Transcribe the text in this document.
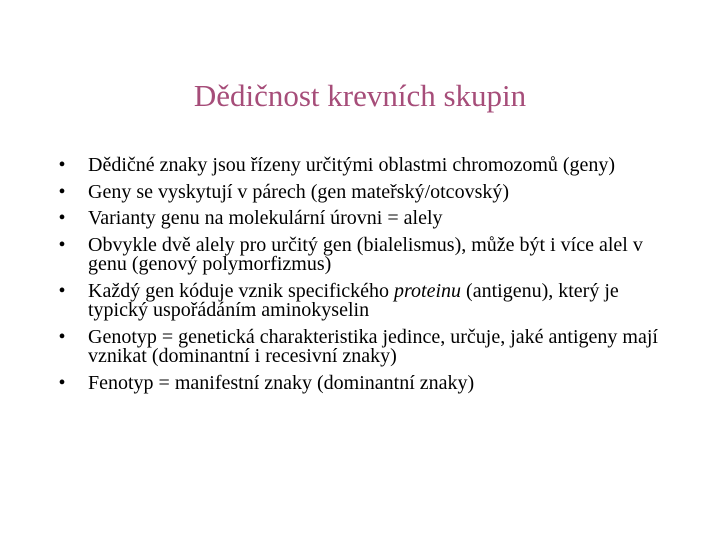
Dědičnost krevních skupin
• Dědičné znaky jsou řízeny určitými oblastmi chromozomů (geny)
• Geny se vyskytují v párech (gen mateřský/otcovský)
• Varianty genu na molekulární úrovni = alely
• Obvykle dvě alely pro určitý gen (bialelismus), může být i více alel v genu (genový polymorfizmus)
• Každý gen kóduje vznik specifického proteinu (antigenu), který je typický uspořádáním aminokyselin
• Genotyp = genetická charakteristika jedince, určuje, jaké antigeny mají vznikat (dominantní i recesivní znaky)
• Fenotyp = manifestní znaky (dominantní znaky)
